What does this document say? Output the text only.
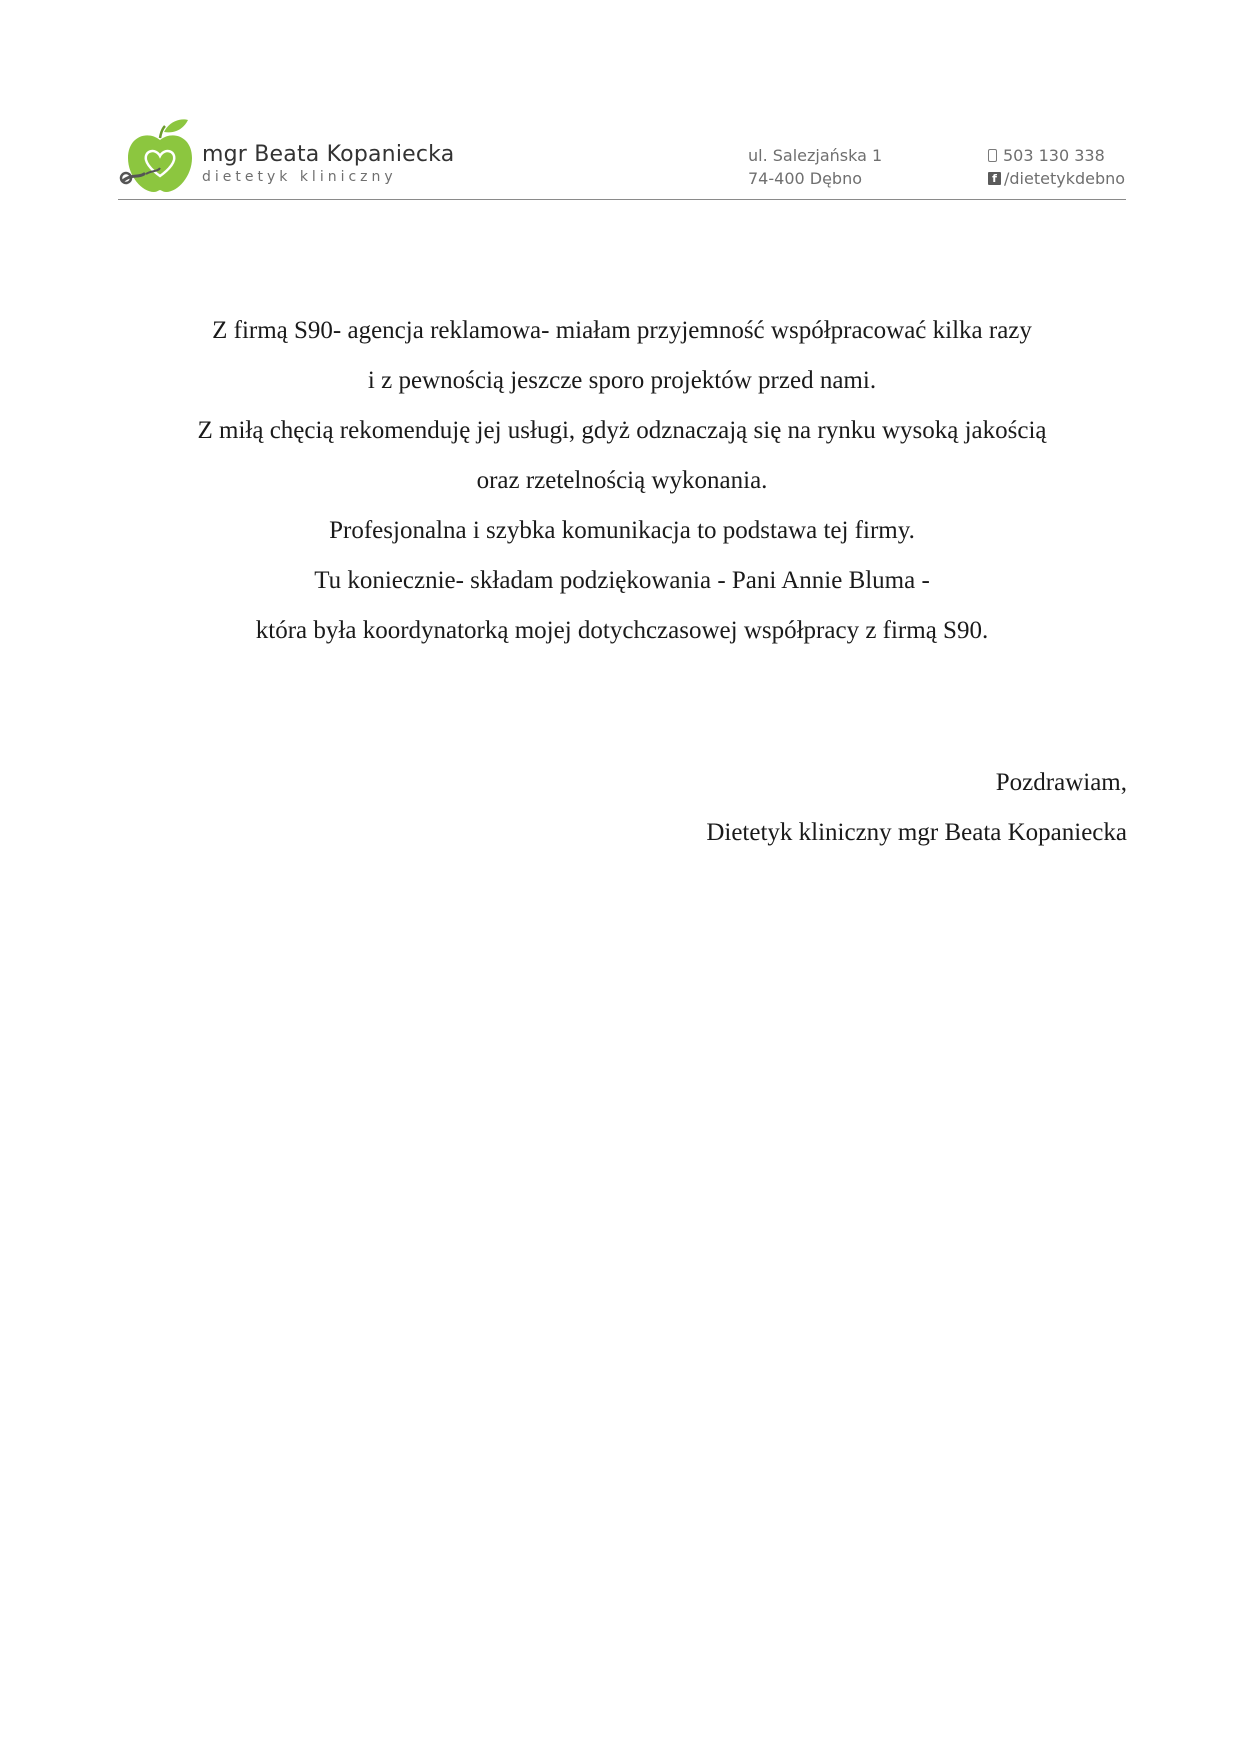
mgr Beata Kopaniecka
dietetyk kliniczny
ul. Salezjańska 1
74-400 Dębno
503 130 338
f /dietetykdebno

Z firmą S90- agencja reklamowa- miałam przyjemność współpracować kilka razy

i z pewnością jeszcze sporo projektów przed nami.

Z miłą chęcią rekomenduję jej usługi, gdyż odznaczają się na rynku wysoką jakością

oraz rzetelnością wykonania.

Profesjonalna i szybka komunikacja to podstawa tej firmy.

Tu koniecznie- składam podziękowania - Pani Annie Bluma -

która była koordynatorką mojej dotychczasowej współpracy z firmą S90.

Pozdrawiam,

Dietetyk kliniczny mgr Beata Kopaniecka
